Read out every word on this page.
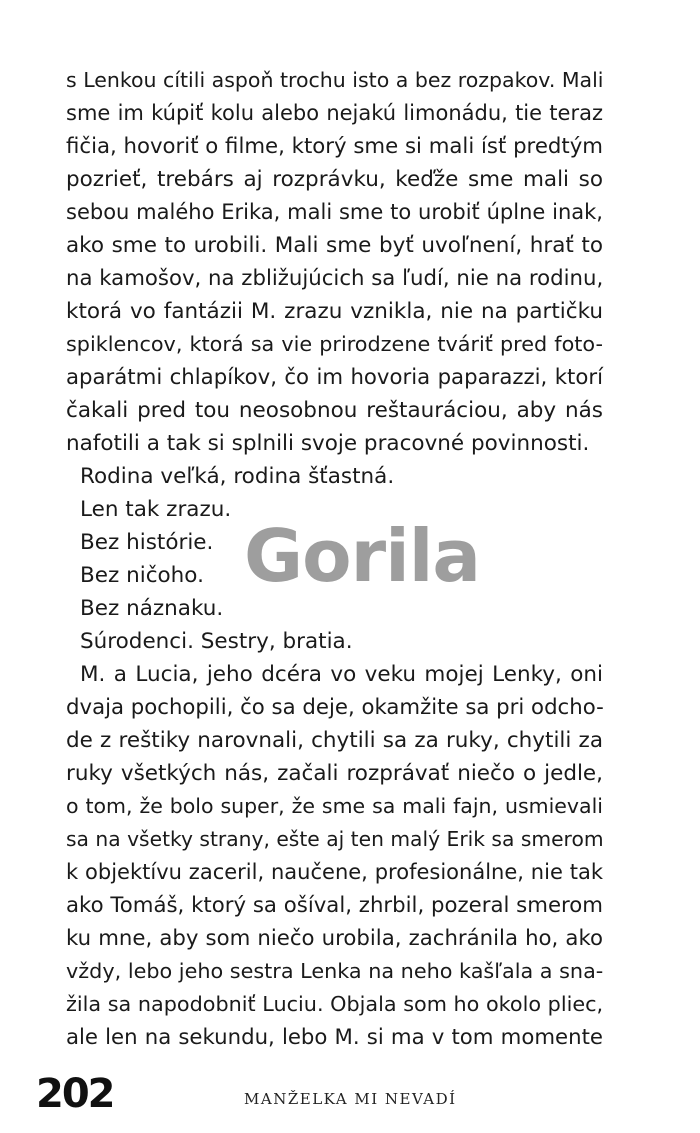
s Lenkou cítili aspoň trochu isto a bez rozpakov. Mali
sme im kúpiť kolu alebo nejakú limonádu, tie teraz
fičia, hovoriť o filme, ktorý sme si mali ísť predtým
pozrieť, trebárs aj rozprávku, keďže sme mali so
sebou malého Erika, mali sme to urobiť úplne inak,
ako sme to urobili. Mali sme byť uvoľnení, hrať to
na kamošov, na zbližujúcich sa ľudí, nie na rodinu,
ktorá vo fantázii M. zrazu vznikla, nie na partičku
spiklencov, ktorá sa vie prirodzene tváriť pred foto-
aparátmi chlapíkov, čo im hovoria paparazzi, ktorí
čakali pred tou neosobnou reštauráciou, aby nás
nafotili a tak si splnili svoje pracovné povinnosti.
Rodina veľká, rodina šťastná.
Len tak zrazu.
Bez histórie.
Bez ničoho.
Bez náznaku.
Súrodenci. Sestry, bratia.
M. a Lucia, jeho dcéra vo veku mojej Lenky, oni
dvaja pochopili, čo sa deje, okamžite sa pri odcho-
de z reštiky narovnali, chytili sa za ruky, chytili za
ruky všetkých nás, začali rozprávať niečo o jedle,
o tom, že bolo super, že sme sa mali fajn, usmievali
sa na všetky strany, ešte aj ten malý Erik sa smerom
k objektívu zaceril, naučene, profesionálne, nie tak
ako Tomáš, ktorý sa ošíval, zhrbil, pozeral smerom
ku mne, aby som niečo urobila, zachránila ho, ako
vždy, lebo jeho sestra Lenka na neho kašľala a sna-
žila sa napodobniť Luciu. Objala som ho okolo pliec,
ale len na sekundu, lebo M. si ma v tom momente
Gorila
202	MANŽELKA MI NEVADÍ
